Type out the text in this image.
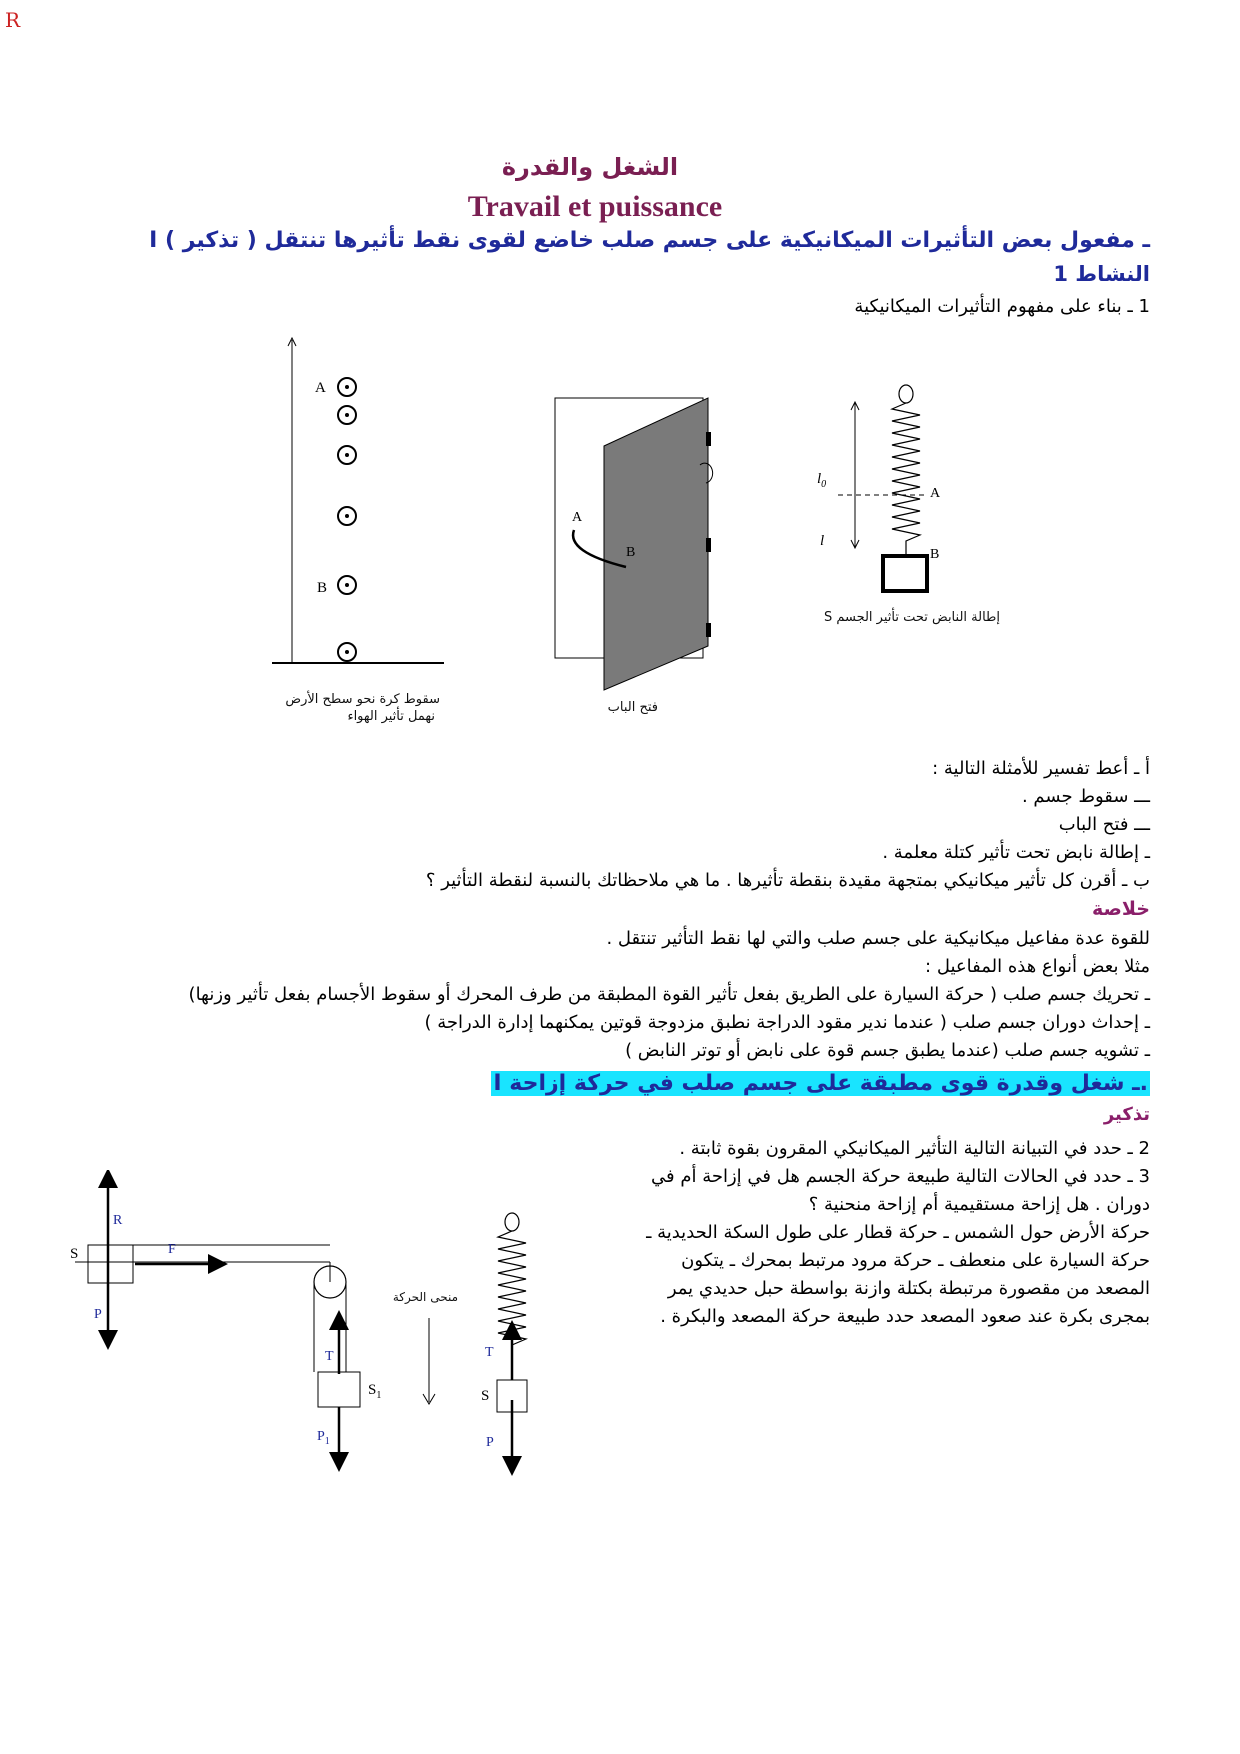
R
الشغل والقدرة
Travail et puissance
I ـ مفعول بعض التأثيرات الميكانيكية على جسم صلب خاضع لقوى نقط تأثيرها تنتقل ( تذكير )
النشاط 1
1 ـ بناء على مفهوم التأثيرات الميكانيكية
A
B
A
B
$l_0$
l
A
B
سقوط كرة نحو سطح الأرض
نهمل تأثير الهواء
فتح الباب
إطالة النابض تحت تأثير الجسم S
أ ـ أعط تفسير للأمثلة التالية :
ـــ سقوط جسم .
ـــ فتح الباب
ـ إطالة نابض تحت تأثير كتلة معلمة .
ب ـ أقرن كل تأثير ميكانيكي بمتجهة مقيدة بنقطة تأثيرها . ما هي ملاحظاتك بالنسبة لنقطة التأثير ؟
خلاصة
للقوة عدة مفاعيل ميكانيكية على جسم صلب والتي لها نقط التأثير تنتقل .
مثلا بعض أنواع هذه المفاعيل :
ـ تحريك جسم صلب ( حركة السيارة على الطريق بفعل تأثير القوة المطبقة من طرف المحرك أو سقوط الأجسام بفعل تأثير وزنها)
ـ إحداث دوران جسم صلب ( عندما ندير مقود الدراجة نطبق مزدوجة قوتين يمكنهما إدارة الدراجة )
ـ تشويه جسم صلب (عندما يطبق جسم قوة على نابض أو توتر النابض )
I ـ شغل وقدرة قوى مطبقة على جسم صلب في حركة إزاحة.
تذكير
2 ـ حدد في التبيانة التالية التأثير الميكانيكي المقرون بقوة ثابتة .
3 ـ حدد في الحالات التالية طبيعة حركة الجسم هل في إزاحة أم في
دوران . هل إزاحة مستقيمية أم إزاحة منحنية ؟
حركة الأرض حول الشمس ـ حركة قطار على طول السكة الحديدية ـ
حركة السيارة على منعطف ـ حركة مرود مرتبط بمحرك ـ يتكون
المصعد من مقصورة مرتبطة بكتلة وازنة بواسطة حبل حديدي يمر
بمجرى بكرة عند صعود المصعد حدد طبيعة حركة المصعد والبكرة .
S
$S_1$
R
F
P
T
$P_1$
S
T
P
منحى الحركة
